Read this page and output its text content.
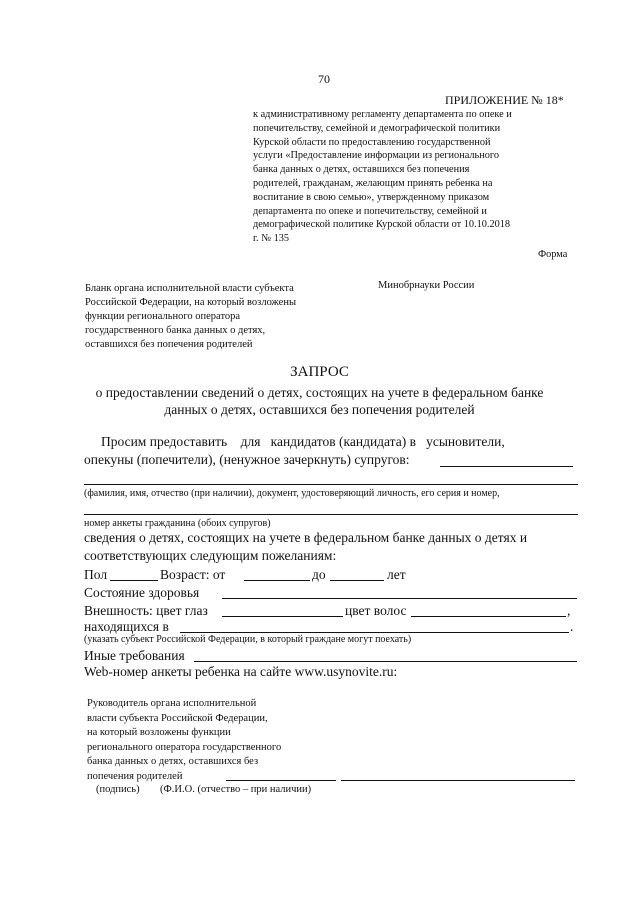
70
ПРИЛОЖЕНИЕ № 18*
к административному регламенту департамента по опеке и
попечительству, семейной и демографической политики
Курской области по предоставлению государственной
услуги «Предоставление информации из регионального
банка данных о детях, оставшихся без попечения
родителей, гражданам, желающим принять ребенка на
воспитание в свою семью», утвержденному приказом
департамента по опеке и попечительству, семейной и
демографической политике Курской области от 10.10.2018
г. № 135
Форма
Бланк органа исполнительной власти субъекта
Российской Федерации, на который возложены
функции регионального оператора
государственного банка данных о детях,
оставшихся без попечения родителей
Минобрнауки России
ЗАПРОС
о предоставлении сведений о детях, состоящих на учете в федеральном банке
данных о детях, оставшихся без попечения родителей
Просим предоставить    для   кандидатов (кандидата) в   усыновители,
опекуны (попечители), (ненужное зачеркнуть) супругов:
(фамилия, имя, отчество (при наличии), документ, удостоверяющий личность, его серия и номер,
номер анкеты гражданина (обоих супругов)
сведения о детях, состоящих на учете в федеральном банке данных о детях и
соответствующих следующим пожеланиям:
Пол	Возраст: от	до	лет
Состояние здоровья
Внешность: цвет глаз	цвет волос	,
находящихся в	.
(указать субъект Российской Федерации, в который граждане могут поехать)
Иные требования
Web-номер анкеты ребенка на сайте www.usynovite.ru:
Руководитель органа исполнительной
власти субъекта Российской Федерации,
на который возложены функции
регионального оператора государственного
банка данных о детях, оставшихся без
попечения родителей
(подпись) (Ф.И.О. (отчество – при наличии)
